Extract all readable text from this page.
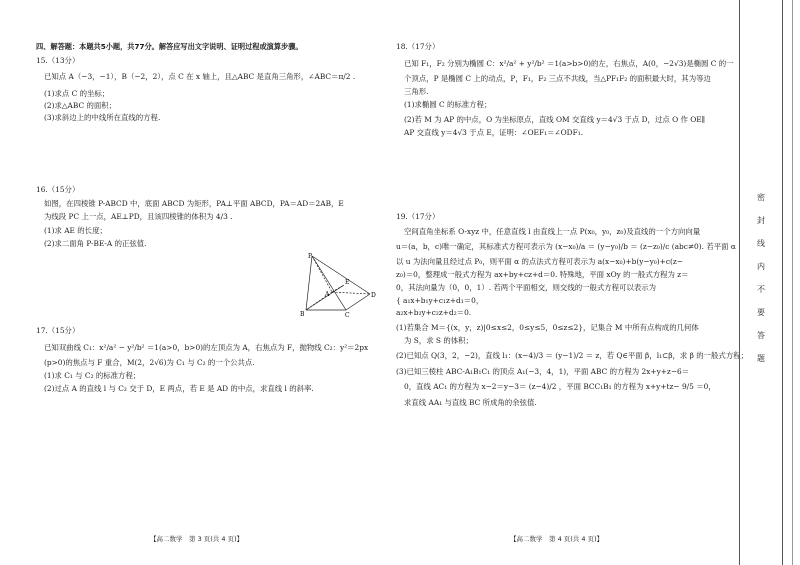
四、解答题：本题共5小题，共77分。解答应写出文字说明、证明过程或演算步骤。
15.（13分）
已知点 A（−3，−1），B（−2，2），点 C 在 x 轴上，且△ABC 是直角三角形，∠ABC＝π/2 .
(1)求点 C 的坐标；
(2)求△ABC 的面积；
(3)求斜边上的中线所在直线的方程.
16.（15分）
如图，在四棱锥 P-ABCD 中，底面 ABCD 为矩形，PA⊥平面 ABCD，PA＝AD＝2AB，E
为线段 PC 上一点，AE⊥PD，且该四棱锥的体积为 4/3 .
(1)求 AE 的长度；
(2)求二面角 P-BE-A 的正弦值.
P
E
A	D
B	C
17.（15分）
已知双曲线 C₁：x²/a² − y²/b² ＝1(a>0，b>0)的左顶点为 A，右焦点为 F，抛物线 C₂：y²＝2px
(p>0)的焦点与 F 重合，M(2，2√6)为 C₁ 与 C₂ 的一个公共点.
(1)求 C₁ 与 C₂ 的标准方程；
(2)过点 A 的直线 l 与 C₂ 交于 D，E 两点，若 E 是 AD 的中点，求直线 l 的斜率.
【高二数学　第 3 页(共 4 页)】
18.（17分）
已知 F₁，F₂ 分别为椭圆 C：x²/a² + y²/b² ＝1(a>b>0)的左，右焦点，A(0，−2√3)是椭圆 C 的一
个顶点，P 是椭圆 C 上的动点，P，F₁，F₂ 三点不共线，当△PF₁F₂ 的面积最大时，其为等边
三角形.
(1)求椭圆 C 的标准方程；
(2)若 M 为 AP 的中点，O 为坐标原点，直线 OM 交直线 y＝4√3 于点 D，过点 O 作 OE∥
AP 交直线 y＝4√3 于点 E，证明：∠OEF₁＝∠ODF₁.
19.（17分）
空间直角坐标系 O-xyz 中，任意直线 l 由直线上一点 P(x₀，y₀，z₀)及直线的一个方向向量
u＝(a，b，c)唯一确定，其标准式方程可表示为 (x−x₀)/a ＝ (y−y₀)/b ＝ (z−z₀)/c (abc≠0). 若平面 α
以 u 为法向量且经过点 P₀，则平面 α 的点法式方程可表示为 a(x−x₀)+b(y−y₀)+c(z−
z₀)＝0，整理成一般式方程为 ax+by+cz+d＝0. 特殊地，平面 xOy 的一般式方程为 z＝
0，其法向量为（0，0，1）. 若两个平面相交，则交线的一般式方程可以表示为
{ a₁x+b₁y+c₁z+d₁＝0，
a₂x+b₂y+c₂z+d₂＝0.
(1)若集合 M＝{(x，y，z)|0≤x≤2，0≤y≤5，0≤z≤2}，记集合 M 中所有点构成的几何体
为 S，求 S 的体积；
(2)已知点 Q(3，2，−2)，直线 l₁：(x−4)/3 ＝ (y−1)/2 ＝ z，若 Q∈平面 β，l₁⊂β，求 β 的一般式方程；
(3)已知三棱柱 ABC-A₁B₁C₁ 的顶点 A₁(−3，4，1)，平面 ABC 的方程为 2x+y+z−6＝
0，直线 AC₁ 的方程为 x−2＝y−3＝ (z−4)/2 ，平面 BCC₁B₁ 的方程为 x+y+tz− 9/5 ＝0，
求直线 AA₁ 与直线 BC 所成角的余弦值.
【高二数学　第 4 页(共 4 页)】
密
封
线
内
不
要
答
题
